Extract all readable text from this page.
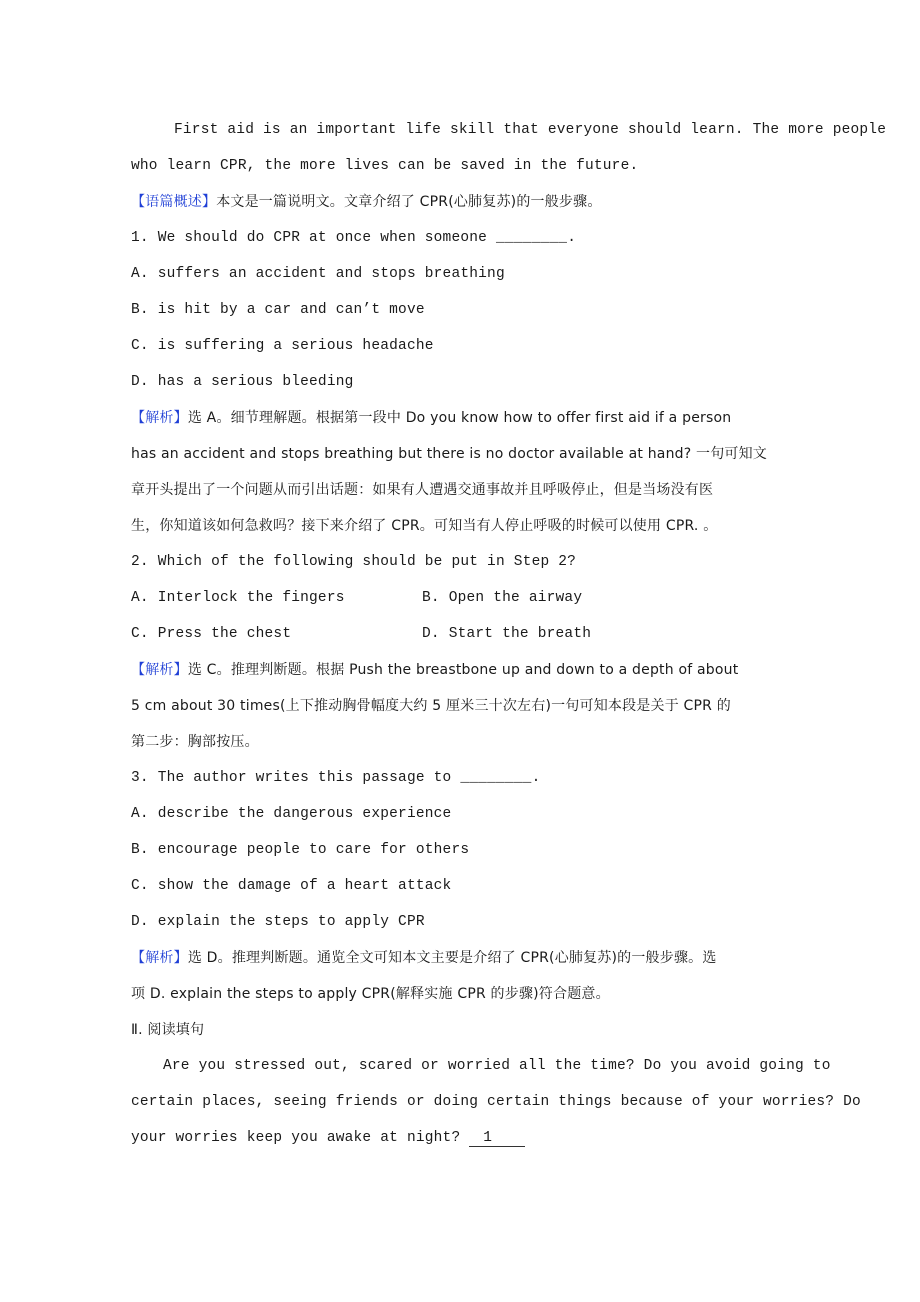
First aid is an important life skill that everyone should learn. The more people
who learn CPR, the more lives can be saved in the future.
【语篇概述】本文是一篇说明文。文章介绍了 CPR(心肺复苏)的一般步骤。
1. We should do CPR at once when someone ________.
A. suffers an accident and stops breathing
B. is hit by a car and can’t move
C. is suffering a serious headache
D. has a serious bleeding
【解析】选 A。细节理解题。根据第一段中 Do you know how to offer first aid if a person
has an accident and stops breathing but there is no doctor available at hand? 一句可知文
章开头提出了一个问题从而引出话题：如果有人遭遇交通事故并且呼吸停止，但是当场没有医
生，你知道该如何急救吗？接下来介绍了 CPR。可知当有人停止呼吸的时候可以使用 CPR. 。
2. Which of the following should be put in Step 2?
A. Interlock the fingers	B. Open the airway
C. Press the chest	D. Start the breath
【解析】选 C。推理判断题。根据 Push the breastbone up and down to a depth of about
5 cm about 30 times(上下推动胸骨幅度大约 5 厘米三十次左右)一句可知本段是关于 CPR 的
第二步：胸部按压。
3. The author writes this passage to ________.
A. describe the dangerous experience
B. encourage people to care for others
C. show the damage of a heart attack
D. explain the steps to apply CPR
【解析】选 D。推理判断题。通览全文可知本文主要是介绍了 CPR(心肺复苏)的一般步骤。选
项 D. explain the steps to apply CPR(解释实施 CPR 的步骤)符合题意。
Ⅱ. 阅读填句
Are you stressed out, scared or worried all the time? Do you avoid going to
certain places, seeing friends or doing certain things because of your worries? Do
your worries keep you awake at night? 1
